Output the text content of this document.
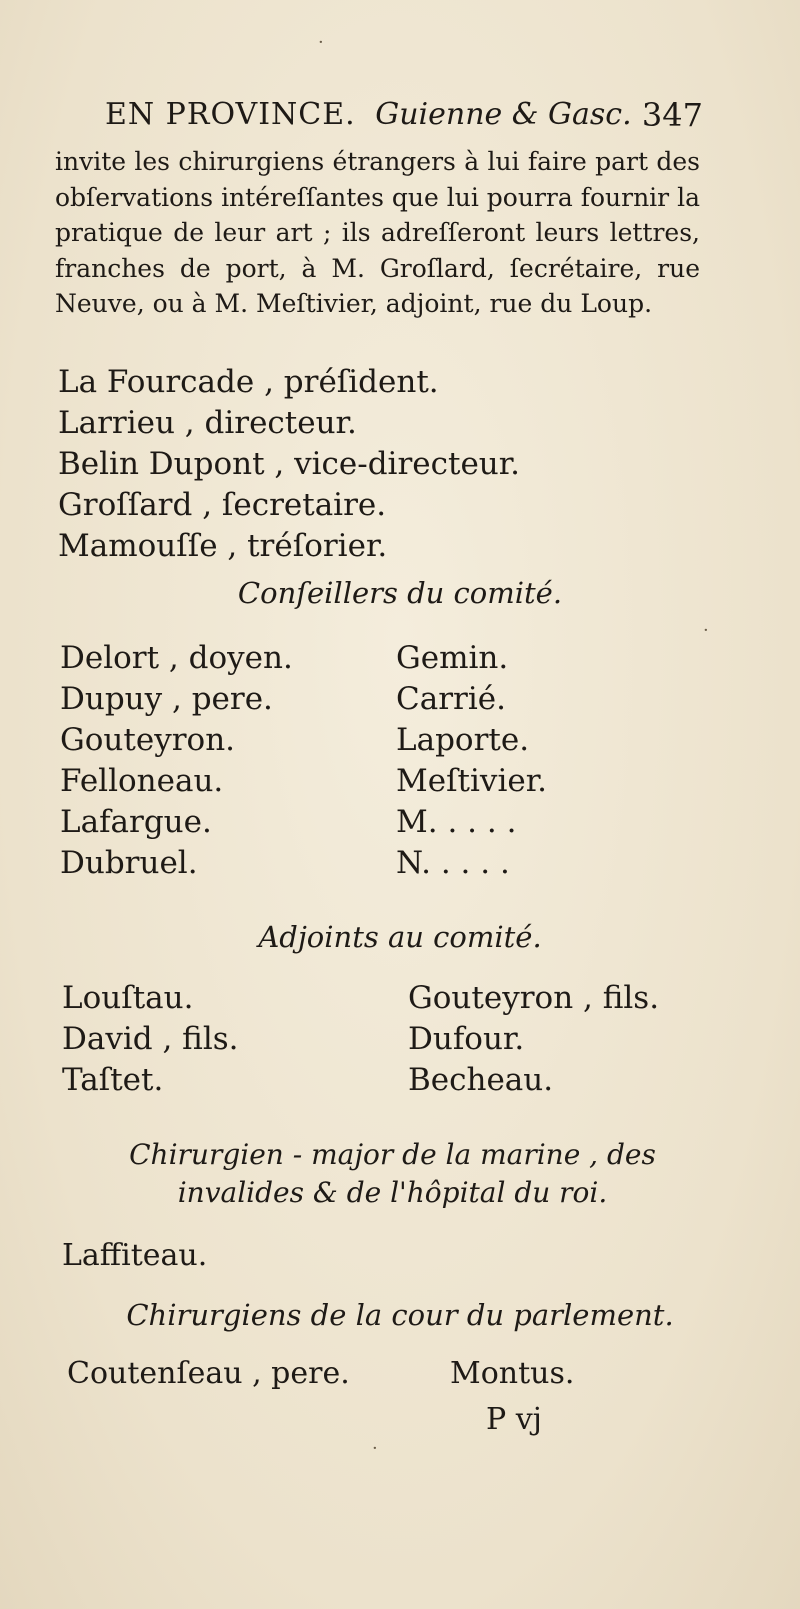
EN PROVINCE. Guienne & Gasc. 347
invite les chirurgiens étrangers à lui faire part des obſervations intéreſſantes que lui pourra fournir la pratique de leur art ; ils adreſſeront leurs lettres, franches de port, à M. Groſlard, ſecrétaire, rue Neuve, ou à M. Meſtivier, adjoint, rue du Loup.
La Fourcade , préſident.
Larrieu , directeur.
Belin Dupont , vice-directeur.
Groſſard , ſecretaire.
Mamouſſe , tréſorier.
Conſeillers du comité.
Delort , doyen.
Dupuy , pere.
Gouteyron.
Felloneau.
Lafargue.
Dubruel.
Gemin.
Carrié.
Laporte.
Meſtivier.
M. . . . .
N. . . . .
Adjoints au comité.
Louſtau.
David , fils.
Taſtet.
Gouteyron , fils.
Dufour.
Becheau.
Chirurgien - major de la marine , des invalides & de l'hôpital du roi.
Laffiteau.
Chirurgiens de la cour du parlement.
Coutenſeau , pere.	Montus.
P vj
·
·
·
